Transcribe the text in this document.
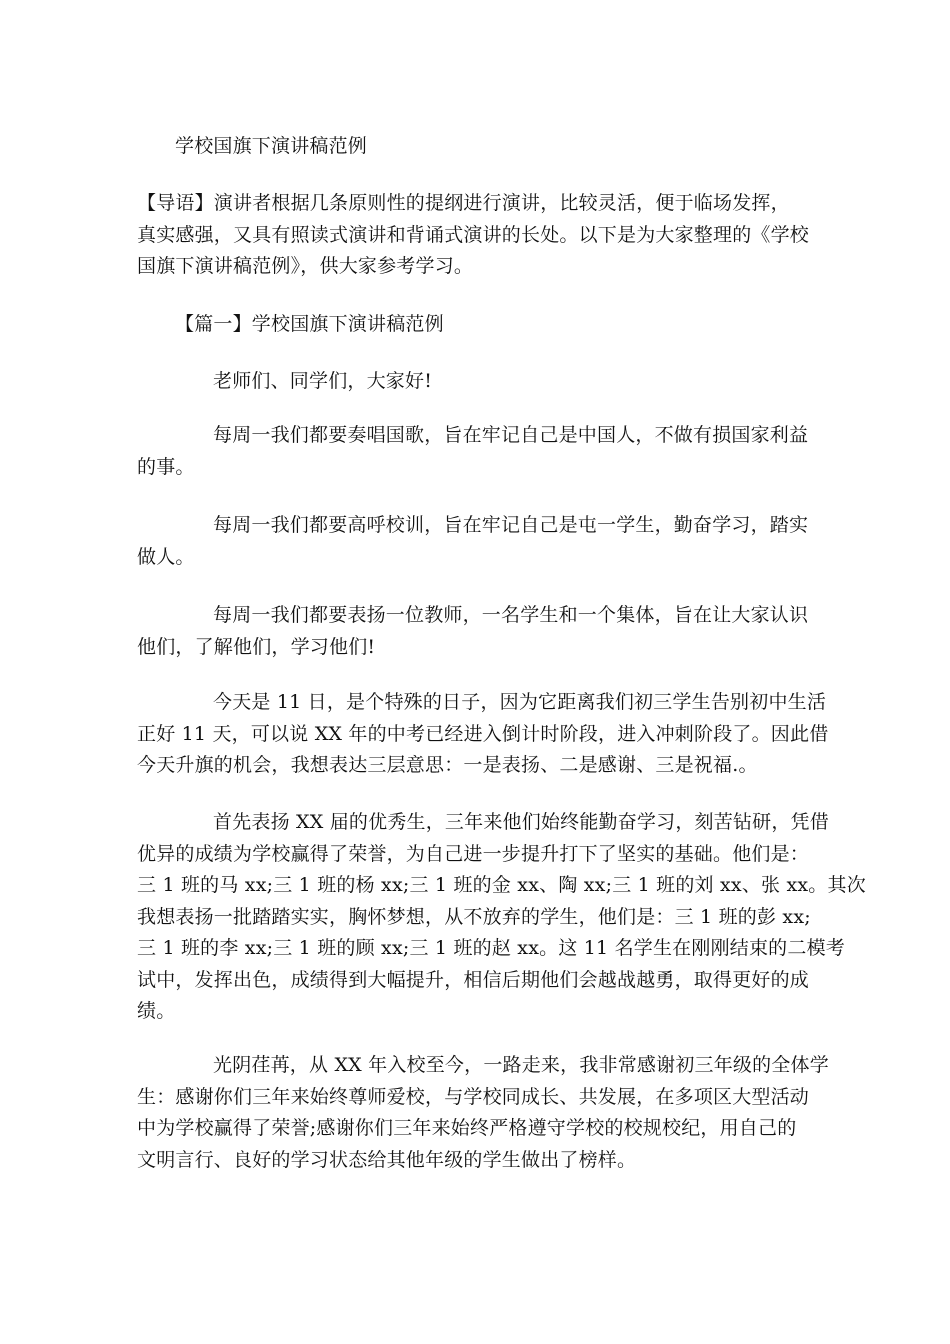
学校国旗下演讲稿范例

【导语】演讲者根据几条原则性的提纲进行演讲，比较灵活，便于临场发挥，
真实感强，又具有照读式演讲和背诵式演讲的长处。以下是为大家整理的《学校
国旗下演讲稿范例》，供大家参考学习。

【篇一】学校国旗下演讲稿范例

老师们、同学们，大家好!

每周一我们都要奏唱国歌，旨在牢记自己是中国人，不做有损国家利益
的事。

每周一我们都要高呼校训，旨在牢记自己是屯一学生，勤奋学习，踏实
做人。

每周一我们都要表扬一位教师，一名学生和一个集体，旨在让大家认识
他们，了解他们，学习他们!

今天是 11 日，是个特殊的日子，因为它距离我们初三学生告别初中生活
正好 11 天，可以说 XX 年的中考已经进入倒计时阶段，进入冲刺阶段了。因此借
今天升旗的机会，我想表达三层意思：一是表扬、二是感谢、三是祝福.。

首先表扬 XX 届的优秀生，三年来他们始终能勤奋学习，刻苦钻研，凭借
优异的成绩为学校赢得了荣誉，为自己进一步提升打下了坚实的基础。他们是：
三 1 班的马 xx;三 1 班的杨 xx;三 1 班的金 xx、陶 xx;三 1 班的刘 xx、张 xx。其次
我想表扬一批踏踏实实，胸怀梦想，从不放弃的学生，他们是：三 1 班的彭 xx;
三 1 班的李 xx;三 1 班的顾 xx;三 1 班的赵 xx。这 11 名学生在刚刚结束的二模考
试中，发挥出色，成绩得到大幅提升，相信后期他们会越战越勇，取得更好的成
绩。

光阴荏苒，从 XX 年入校至今，一路走来，我非常感谢初三年级的全体学
生：感谢你们三年来始终尊师爱校，与学校同成长、共发展，在多项区大型活动
中为学校赢得了荣誉;感谢你们三年来始终严格遵守学校的校规校纪，用自己的
文明言行、良好的学习状态给其他年级的学生做出了榜样。
